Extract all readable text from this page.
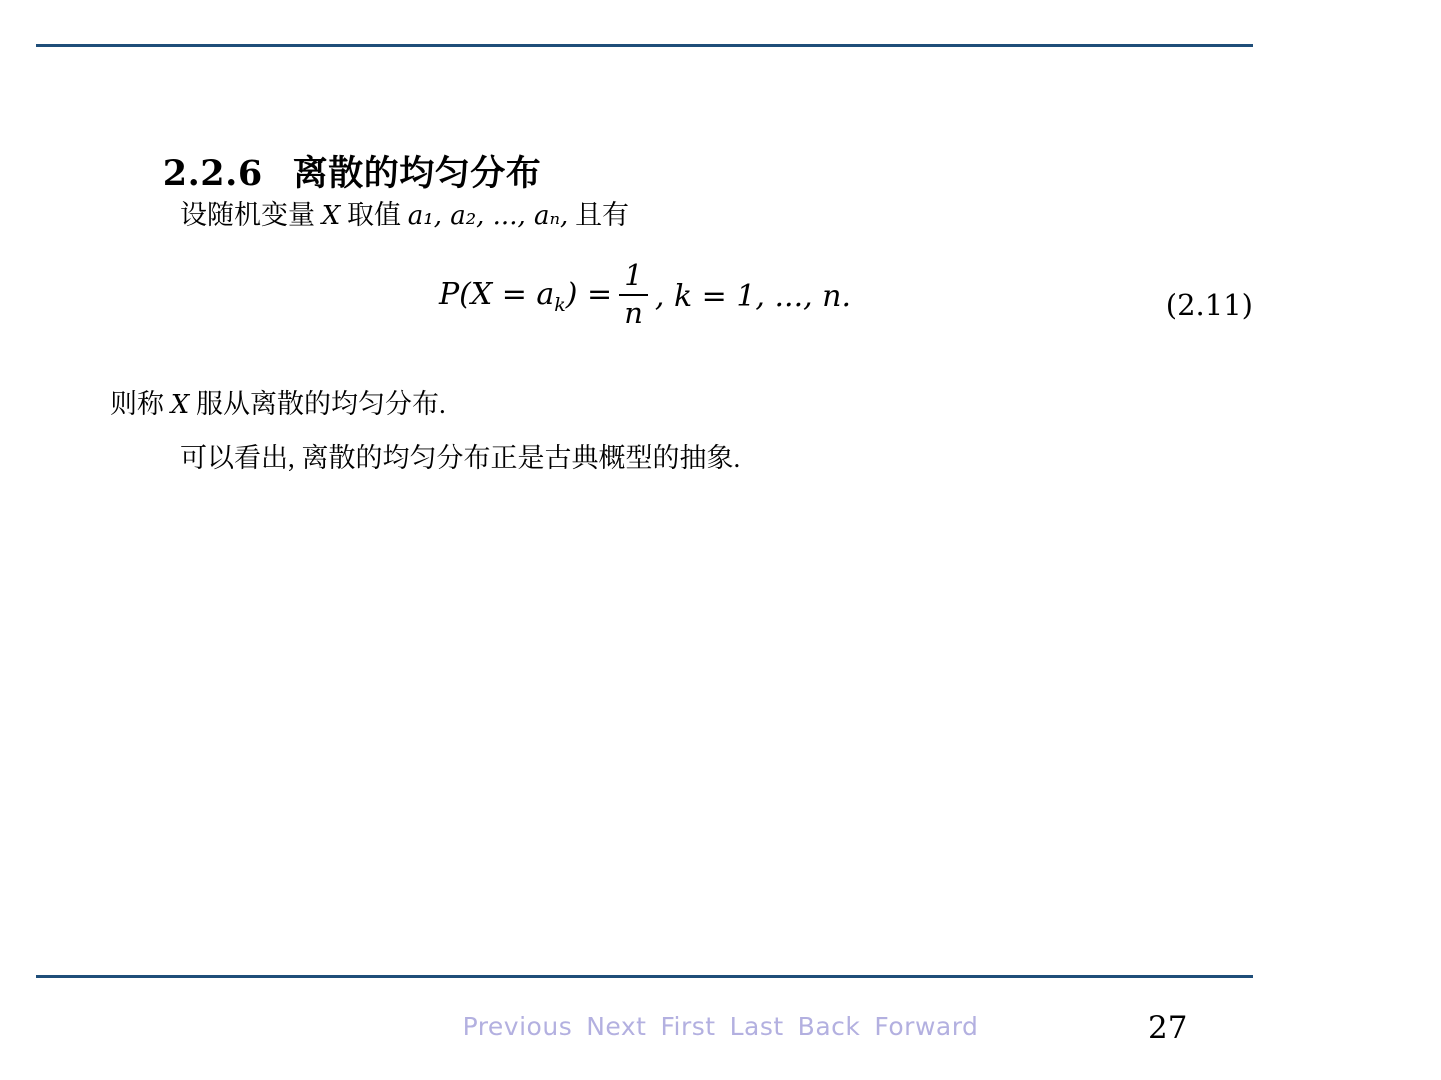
2.2.6 离散的均匀分布

设随机变量 X 取值 a₁, a₂, ..., aₙ, 且有
$P(X = a_k) = \frac{1}{n}$ , k = 1, ..., n.	(2.11)
则称 X 服从离散的均匀分布.
可以看出, 离散的均匀分布正是古典概型的抽象.
Previous Next First Last Back Forward	27
